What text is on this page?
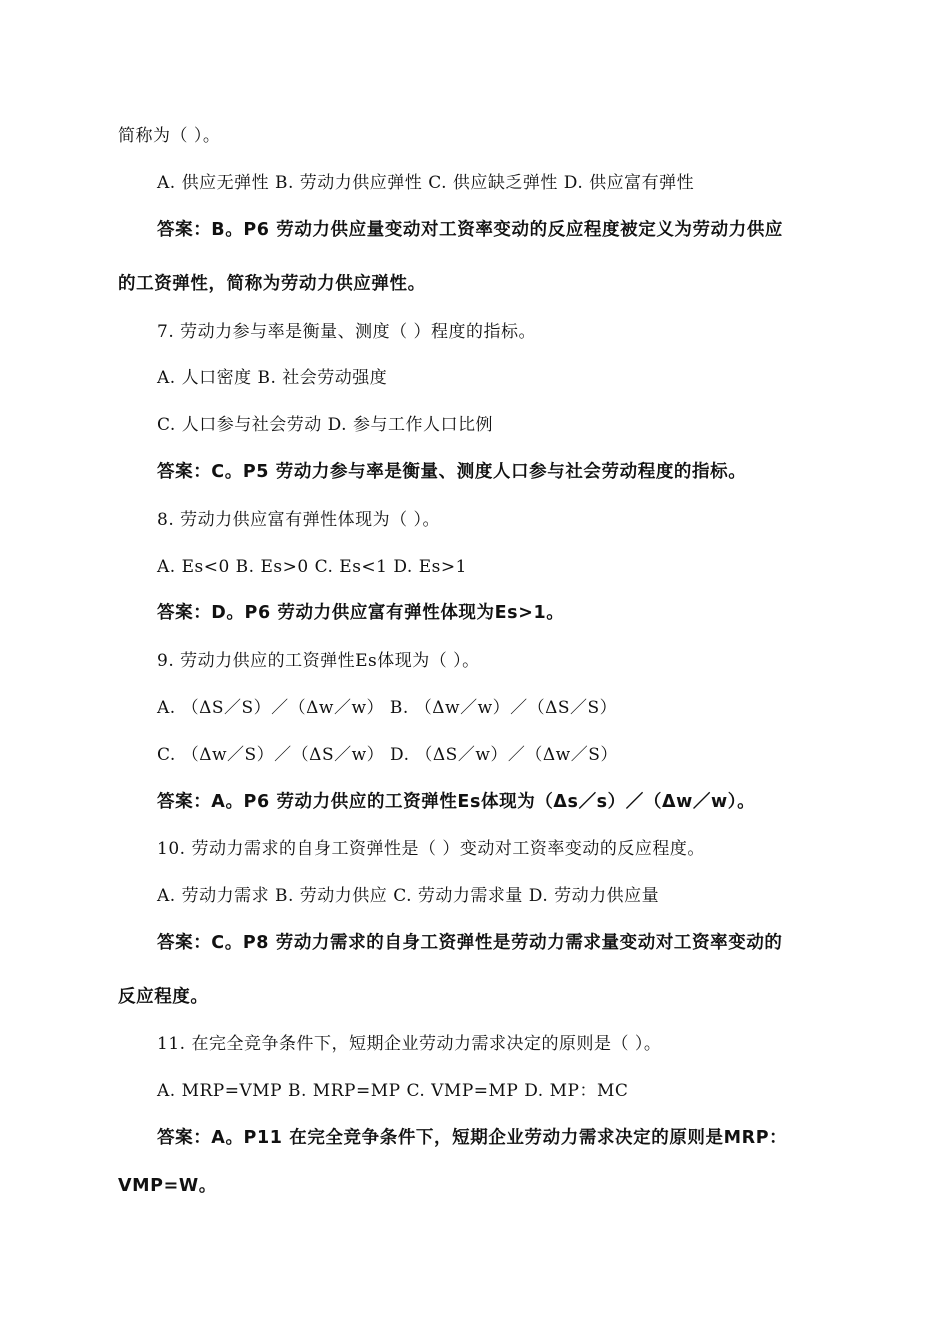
简称为（ ）。
A. 供应无弹性 B. 劳动力供应弹性 C. 供应缺乏弹性 D. 供应富有弹性
答案：B。P6 劳动力供应量变动对工资率变动的反应程度被定义为劳动力供应
的工资弹性，简称为劳动力供应弹性。
7. 劳动力参与率是衡量、测度（ ）程度的指标。
A. 人口密度 B. 社会劳动强度
C. 人口参与社会劳动 D. 参与工作人口比例
答案：C。P5 劳动力参与率是衡量、测度人口参与社会劳动程度的指标。
8. 劳动力供应富有弹性体现为（ ）。
A. Es<0 B. Es>0 C. Es<1 D. Es>1
答案：D。P6 劳动力供应富有弹性体现为Es>1。
9. 劳动力供应的工资弹性Es体现为（ ）。
A. （ΔS／S）／（Δw／w） B. （Δw／w）／（ΔS／S）
C. （Δw／S）／（ΔS／w） D. （ΔS／w）／（Δw／S）
答案：A。P6 劳动力供应的工资弹性Es体现为（Δs／s）／（Δw／w）。
10. 劳动力需求的自身工资弹性是（ ）变动对工资率变动的反应程度。
A. 劳动力需求 B. 劳动力供应 C. 劳动力需求量 D. 劳动力供应量
答案：C。P8 劳动力需求的自身工资弹性是劳动力需求量变动对工资率变动的
反应程度。
11. 在完全竞争条件下，短期企业劳动力需求决定的原则是（ ）。
A. MRP=VMP B. MRP=MP C. VMP=MP D. MP：MC
答案：A。P11 在完全竞争条件下，短期企业劳动力需求决定的原则是MRP：
VMP=W。
